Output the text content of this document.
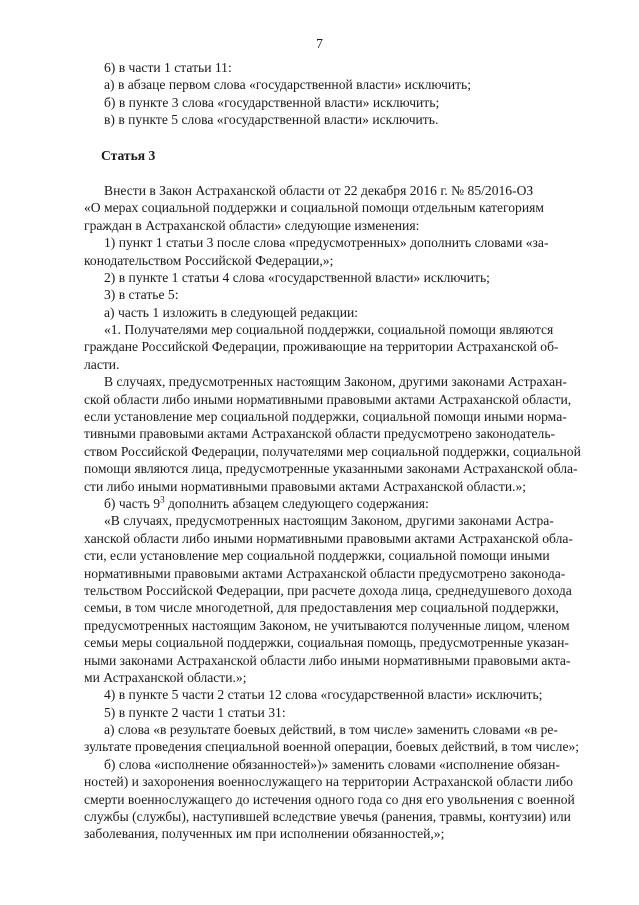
7
6) в части 1 статьи 11:
а) в абзаце первом слова «государственной власти» исключить;
б) в пункте 3 слова «государственной власти» исключить;
в) в пункте 5 слова «государственной власти» исключить.
Статья 3
Внести в Закон Астраханской области от 22 декабря 2016 г. № 85/2016-ОЗ
«О мерах социальной поддержки и социальной помощи отдельным категориям
граждан в Астраханской области» следующие изменения:
1) пункт 1 статьи 3 после слова «предусмотренных» дополнить словами «за-
конодательством Российской Федерации,»;
2) в пункте 1 статьи 4 слова «государственной власти» исключить;
3) в статье 5:
а) часть 1 изложить в следующей редакции:
«1. Получателями мер социальной поддержки, социальной помощи являются
граждане Российской Федерации, проживающие на территории Астраханской об-
ласти.
В случаях, предусмотренных настоящим Законом, другими законами Астрахан-
ской области либо иными нормативными правовыми актами Астраханской области,
если установление мер социальной поддержки, социальной помощи иными норма-
тивными правовыми актами Астраханской области предусмотрено законодатель-
ством Российской Федерации, получателями мер социальной поддержки, социальной
помощи являются лица, предусмотренные указанными законами Астраханской обла-
сти либо иными нормативными правовыми актами Астраханской области.»;
б) часть $9^3$ дополнить абзацем следующего содержания:
«В случаях, предусмотренных настоящим Законом, другими законами Астра-
ханской области либо иными нормативными правовыми актами Астраханской обла-
сти, если установление мер социальной поддержки, социальной помощи иными
нормативными правовыми актами Астраханской области предусмотрено законода-
тельством Российской Федерации, при расчете дохода лица, среднедушевого дохода
семьи, в том числе многодетной, для предоставления мер социальной поддержки,
предусмотренных настоящим Законом, не учитываются полученные лицом, членом
семьи меры социальной поддержки, социальная помощь, предусмотренные указан-
ными законами Астраханской области либо иными нормативными правовыми акта-
ми Астраханской области.»;
4) в пункте 5 части 2 статьи 12 слова «государственной власти» исключить;
5) в пункте 2 части 1 статьи 31:
а) слова «в результате боевых действий, в том числе» заменить словами «в ре-
зультате проведения специальной военной операции, боевых действий, в том числе»;
б) слова «исполнение обязанностей»)» заменить словами «исполнение обязан-
ностей) и захоронения военнослужащего на территории Астраханской области либо
смерти военнослужащего до истечения одного года со дня его увольнения с военной
службы (службы), наступившей вследствие увечья (ранения, травмы, контузии) или
заболевания, полученных им при исполнении обязанностей,»;
